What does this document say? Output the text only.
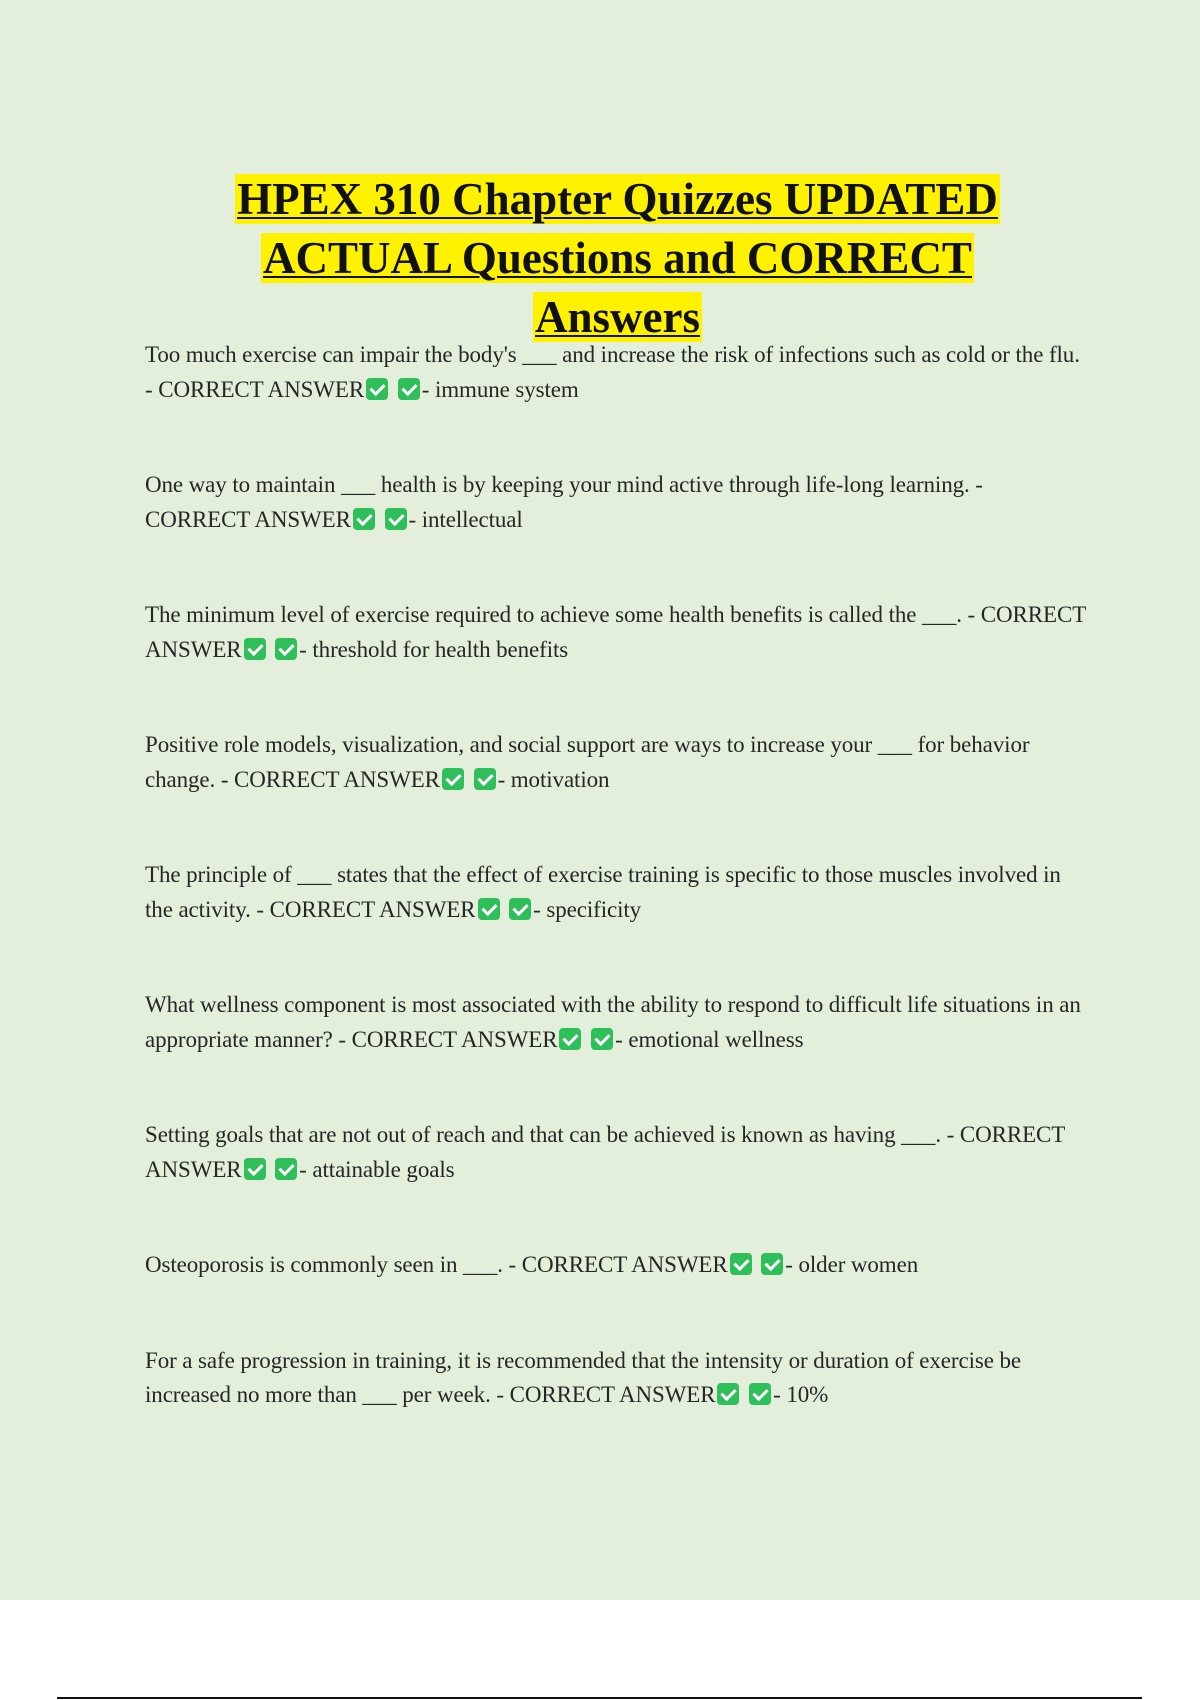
HPEX 310 Chapter Quizzes UPDATED
ACTUAL Questions and CORRECT
Answers
Too much exercise can impair the body's ___ and increase the risk of infections such as cold or the flu. - CORRECT ANSWER	- immune system
One way to maintain ___ health is by keeping your mind active through life-long learning. - CORRECT ANSWER	- intellectual
The minimum level of exercise required to achieve some health benefits is called the ___. - CORRECT ANSWER	- threshold for health benefits
Positive role models, visualization, and social support are ways to increase your ___ for behavior change. - CORRECT ANSWER	- motivation
The principle of ___ states that the effect of exercise training is specific to those muscles involved in the activity. - CORRECT ANSWER	- specificity
What wellness component is most associated with the ability to respond to difficult life situations in an appropriate manner? - CORRECT ANSWER	- emotional wellness
Setting goals that are not out of reach and that can be achieved is known as having ___. - CORRECT ANSWER	- attainable goals
Osteoporosis is commonly seen in ___. - CORRECT ANSWER	- older women
For a safe progression in training, it is recommended that the intensity or duration of exercise be increased no more than ___ per week. - CORRECT ANSWER	- 10%
